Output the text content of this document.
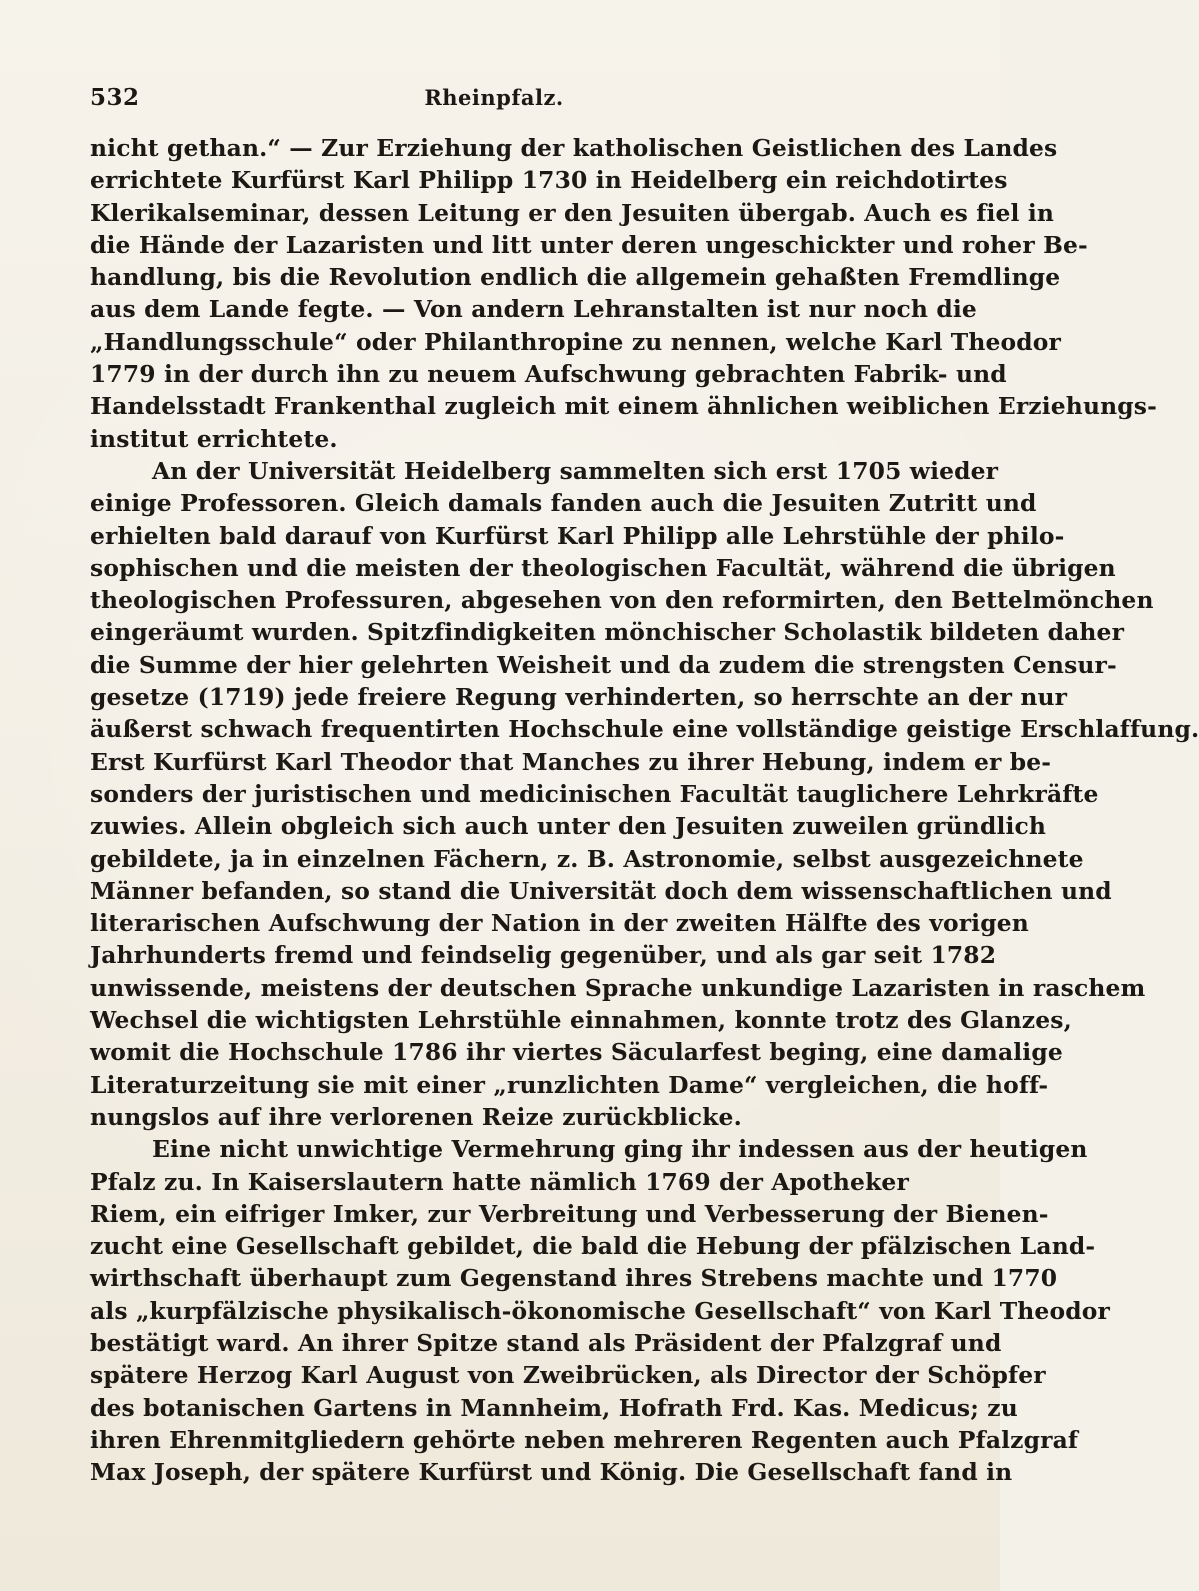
532	Rheinpfalz.
nicht gethan.“ — Zur Erziehung der katholischen Geistlichen des Landes
errichtete Kurfürst Karl Philipp 1730 in Heidelberg ein reichdotirtes
Klerikalseminar, dessen Leitung er den Jesuiten übergab. Auch es fiel in
die Hände der Lazaristen und litt unter deren ungeschickter und roher Be-
handlung, bis die Revolution endlich die allgemein gehaßten Fremdlinge
aus dem Lande fegte. — Von andern Lehranstalten ist nur noch die
„Handlungsschule“ oder Philanthropine zu nennen, welche Karl Theodor
1779 in der durch ihn zu neuem Aufschwung gebrachten Fabrik- und
Handelsstadt Frankenthal zugleich mit einem ähnlichen weiblichen Erziehungs-
institut errichtete.
An der Universität Heidelberg sammelten sich erst 1705 wieder
einige Professoren. Gleich damals fanden auch die Jesuiten Zutritt und
erhielten bald darauf von Kurfürst Karl Philipp alle Lehrstühle der philo-
sophischen und die meisten der theologischen Facultät, während die übrigen
theologischen Professuren, abgesehen von den reformirten, den Bettelmönchen
eingeräumt wurden. Spitzfindigkeiten mönchischer Scholastik bildeten daher
die Summe der hier gelehrten Weisheit und da zudem die strengsten Censur-
gesetze (1719) jede freiere Regung verhinderten, so herrschte an der nur
äußerst schwach frequentirten Hochschule eine vollständige geistige Erschlaffung.
Erst Kurfürst Karl Theodor that Manches zu ihrer Hebung, indem er be-
sonders der juristischen und medicinischen Facultät tauglichere Lehrkräfte
zuwies. Allein obgleich sich auch unter den Jesuiten zuweilen gründlich
gebildete, ja in einzelnen Fächern, z. B. Astronomie, selbst ausgezeichnete
Männer befanden, so stand die Universität doch dem wissenschaftlichen und
literarischen Aufschwung der Nation in der zweiten Hälfte des vorigen
Jahrhunderts fremd und feindselig gegenüber, und als gar seit 1782
unwissende, meistens der deutschen Sprache unkundige Lazaristen in raschem
Wechsel die wichtigsten Lehrstühle einnahmen, konnte trotz des Glanzes,
womit die Hochschule 1786 ihr viertes Säcularfest beging, eine damalige
Literaturzeitung sie mit einer „runzlichten Dame“ vergleichen, die hoff-
nungslos auf ihre verlorenen Reize zurückblicke.
Eine nicht unwichtige Vermehrung ging ihr indessen aus der heutigen
Pfalz zu. In Kaiserslautern hatte nämlich 1769 der Apotheker
Riem, ein eifriger Imker, zur Verbreitung und Verbesserung der Bienen-
zucht eine Gesellschaft gebildet, die bald die Hebung der pfälzischen Land-
wirthschaft überhaupt zum Gegenstand ihres Strebens machte und 1770
als „kurpfälzische physikalisch-ökonomische Gesellschaft“ von Karl Theodor
bestätigt ward. An ihrer Spitze stand als Präsident der Pfalzgraf und
spätere Herzog Karl August von Zweibrücken, als Director der Schöpfer
des botanischen Gartens in Mannheim, Hofrath Frd. Kas. Medicus; zu
ihren Ehrenmitgliedern gehörte neben mehreren Regenten auch Pfalzgraf
Max Joseph, der spätere Kurfürst und König. Die Gesellschaft fand in
